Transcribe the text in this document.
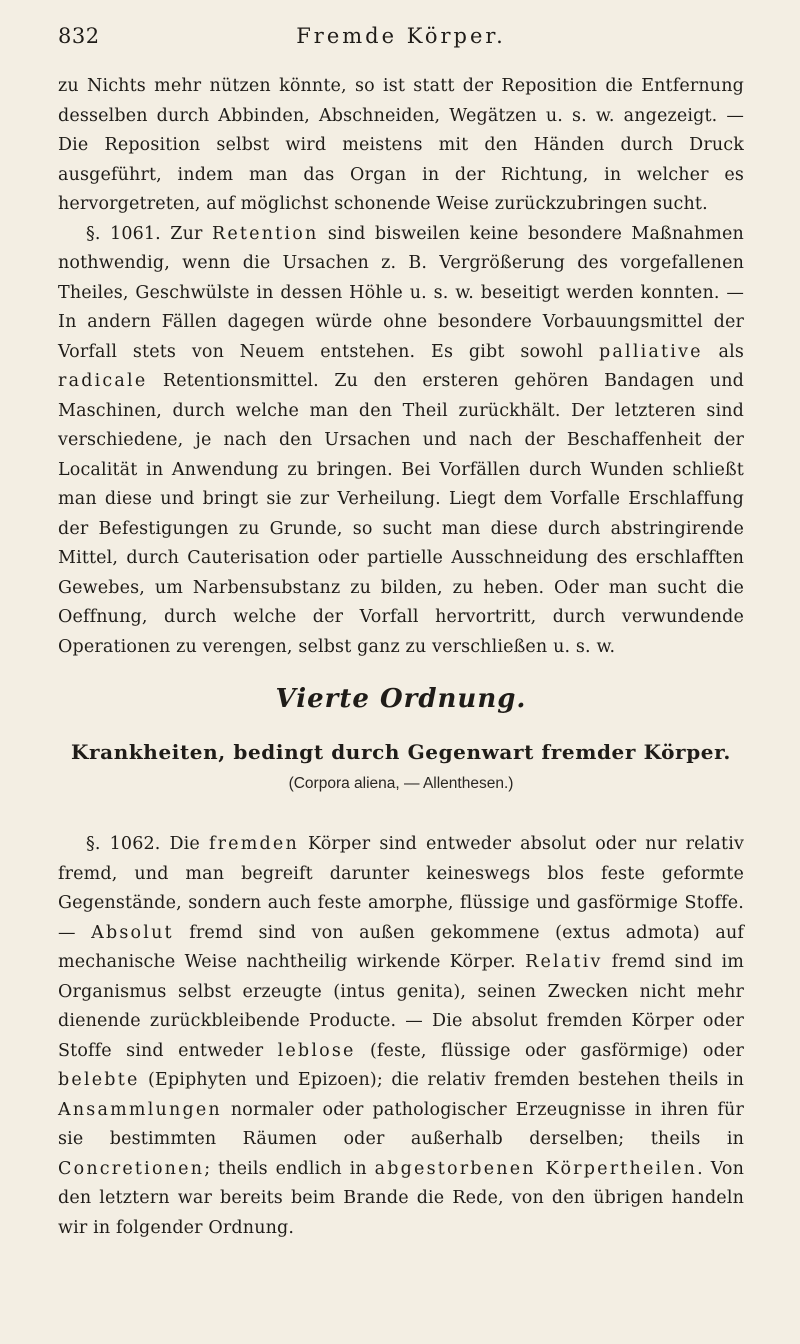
832	Fremde Körper.

zu Nichts mehr nützen könnte, so ist statt der Reposition die Entfernung desselben durch Abbinden, Abschneiden, Wegätzen u. s. w. angezeigt. — Die Reposition selbst wird meistens mit den Händen durch Druck ausgeführt, indem man das Organ in der Richtung, in welcher es hervorgetreten, auf möglichst schonende Weise zurückzubringen sucht.

§. 1061. Zur Retention sind bisweilen keine besondere Maßnahmen nothwendig, wenn die Ursachen z. B. Vergrößerung des vorgefallenen Theiles, Geschwülste in dessen Höhle u. s. w. beseitigt werden konnten. — In andern Fällen dagegen würde ohne besondere Vorbauungsmittel der Vorfall stets von Neuem entstehen. Es gibt sowohl palliative als radicale Retentionsmittel. Zu den ersteren gehören Bandagen und Maschinen, durch welche man den Theil zurückhält. Der letzteren sind verschiedene, je nach den Ursachen und nach der Beschaffenheit der Localität in Anwendung zu bringen. Bei Vorfällen durch Wunden schließt man diese und bringt sie zur Verheilung. Liegt dem Vorfalle Erschlaffung der Befestigungen zu Grunde, so sucht man diese durch abstringirende Mittel, durch Cauterisation oder partielle Ausschneidung des erschlafften Gewebes, um Narbensubstanz zu bilden, zu heben. Oder man sucht die Oeffnung, durch welche der Vorfall hervortritt, durch verwundende Operationen zu verengen, selbst ganz zu verschließen u. s. w.

Vierte Ordnung.
Krankheiten, bedingt durch Gegenwart fremder Körper.
(Corpora aliena, — Allenthesen.)

§. 1062. Die fremden Körper sind entweder absolut oder nur relativ fremd, und man begreift darunter keineswegs blos feste geformte Gegenstände, sondern auch feste amorphe, flüssige und gasförmige Stoffe. — Absolut fremd sind von außen gekommene (extus admota) auf mechanische Weise nachtheilig wirkende Körper. Relativ fremd sind im Organismus selbst erzeugte (intus genita), seinen Zwecken nicht mehr dienende zurückbleibende Producte. — Die absolut fremden Körper oder Stoffe sind entweder leblose (feste, flüssige oder gasförmige) oder belebte (Epiphyten und Epizoen); die relativ fremden bestehen theils in Ansammlungen normaler oder pathologischer Erzeugnisse in ihren für sie bestimmten Räumen oder außerhalb derselben; theils in Concretionen; theils endlich in abgestorbenen Körpertheilen. Von den letztern war bereits beim Brande die Rede, von den übrigen handeln wir in folgender Ordnung.
